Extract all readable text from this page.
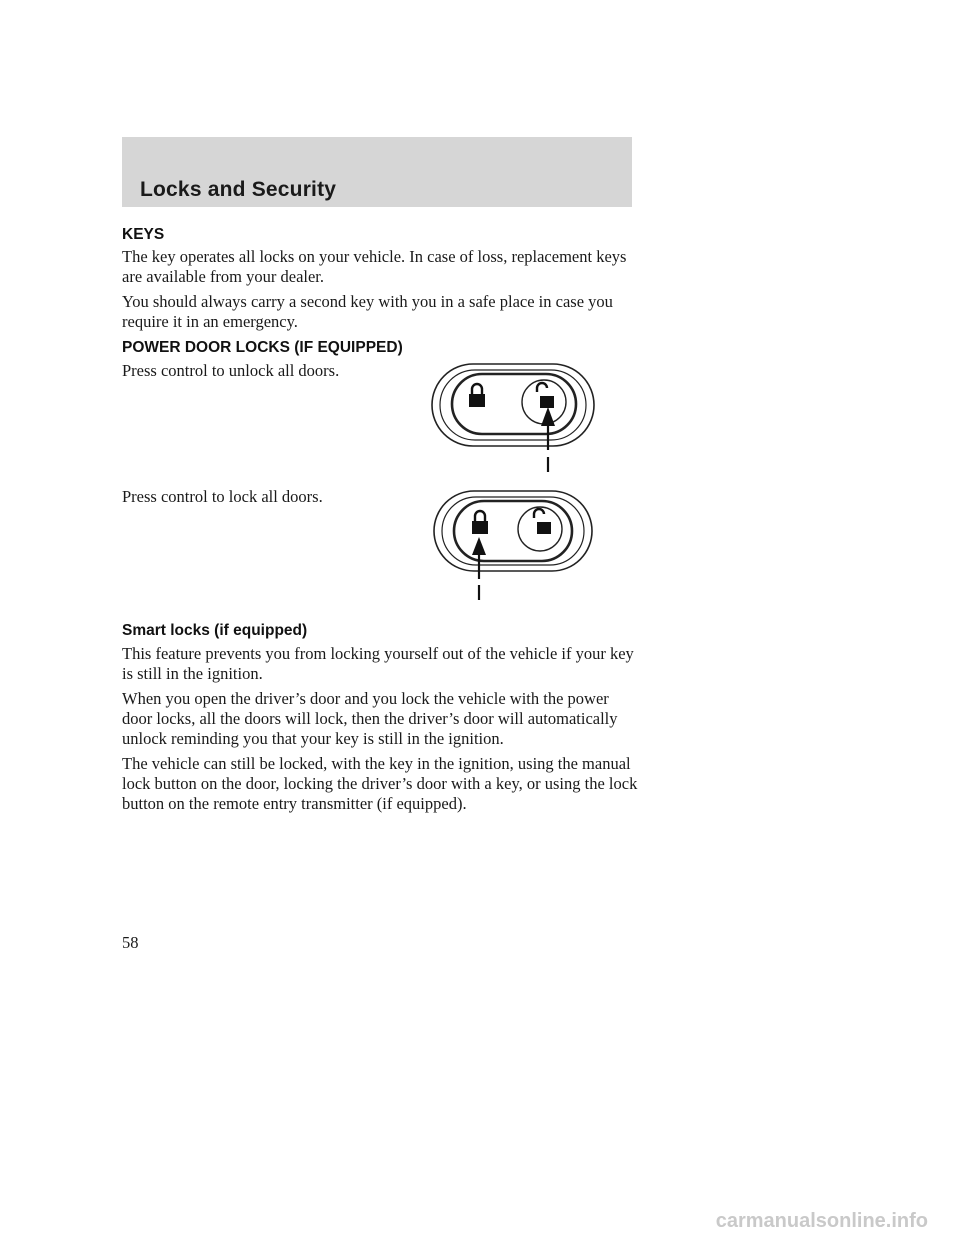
Locks and Security
KEYS

The key operates all locks on your vehicle. In case of loss, replacement keys are available from your dealer.

You should always carry a second key with you in a safe place in case you require it in an emergency.

POWER DOOR LOCKS (IF EQUIPPED)

Press control to unlock all doors.

Press control to lock all doors.

Smart locks (if equipped)

This feature prevents you from locking yourself out of the vehicle if your key is still in the ignition.

When you open the driver’s door and you lock the vehicle with the power door locks, all the doors will lock, then the driver’s door will automatically unlock reminding you that your key is still in the ignition.

The vehicle can still be locked, with the key in the ignition, using the manual lock button on the door, locking the driver’s door with a key, or using the lock button on the remote entry transmitter (if equipped).

58
carmanualsonline.info
